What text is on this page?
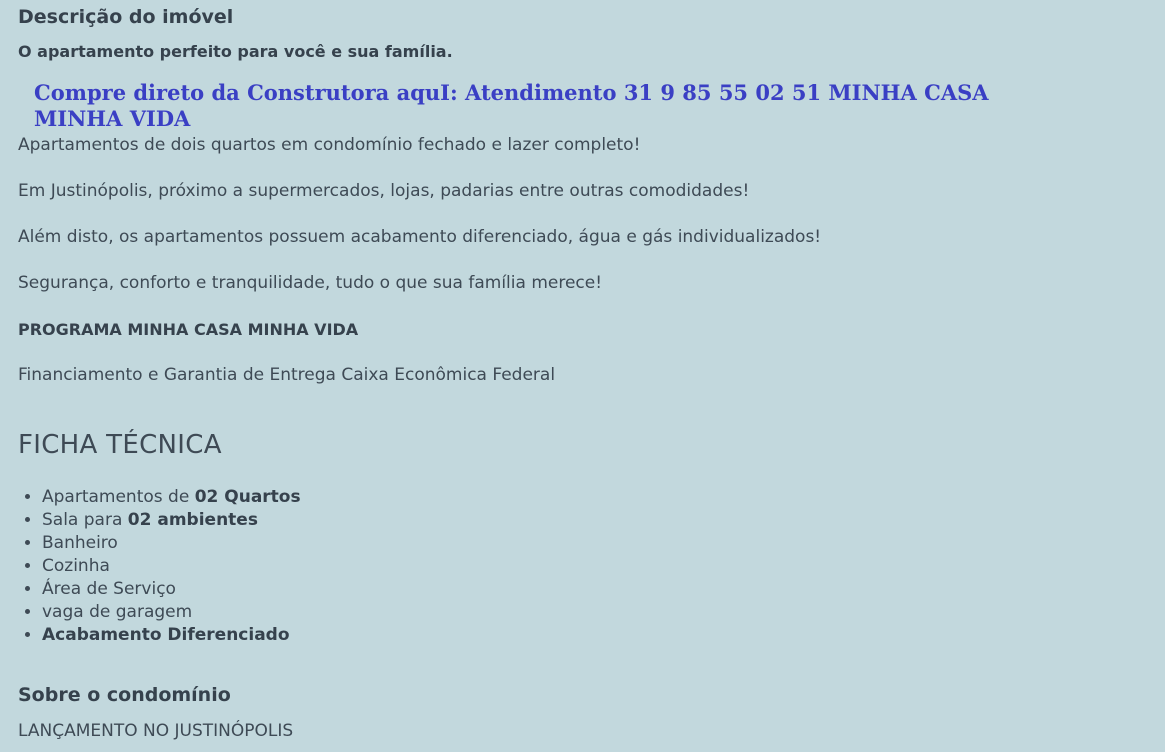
Descrição do imóvel
O apartamento perfeito para você e sua família.
Compre direto da Construtora aquI: Atendimento 31 9 85 55 02 51 MINHA CASA MINHA VIDA
Apartamentos de dois quartos em condomínio fechado e lazer completo!
Em Justinópolis, próximo a supermercados, lojas, padarias entre outras comodidades!
Além disto, os apartamentos possuem acabamento diferenciado, água e gás individualizados!
Segurança, conforto e tranquilidade, tudo o que sua família merece!
PROGRAMA MINHA CASA MINHA VIDA
Financiamento e Garantia de Entrega Caixa Econômica Federal
FICHA TÉCNICA
• Apartamentos de 02 Quartos
• Sala para 02 ambientes
• Banheiro
• Cozinha
• Área de Serviço
• vaga de garagem
• Acabamento Diferenciado
Sobre o condomínio
LANÇAMENTO NO JUSTINÓPOLIS
